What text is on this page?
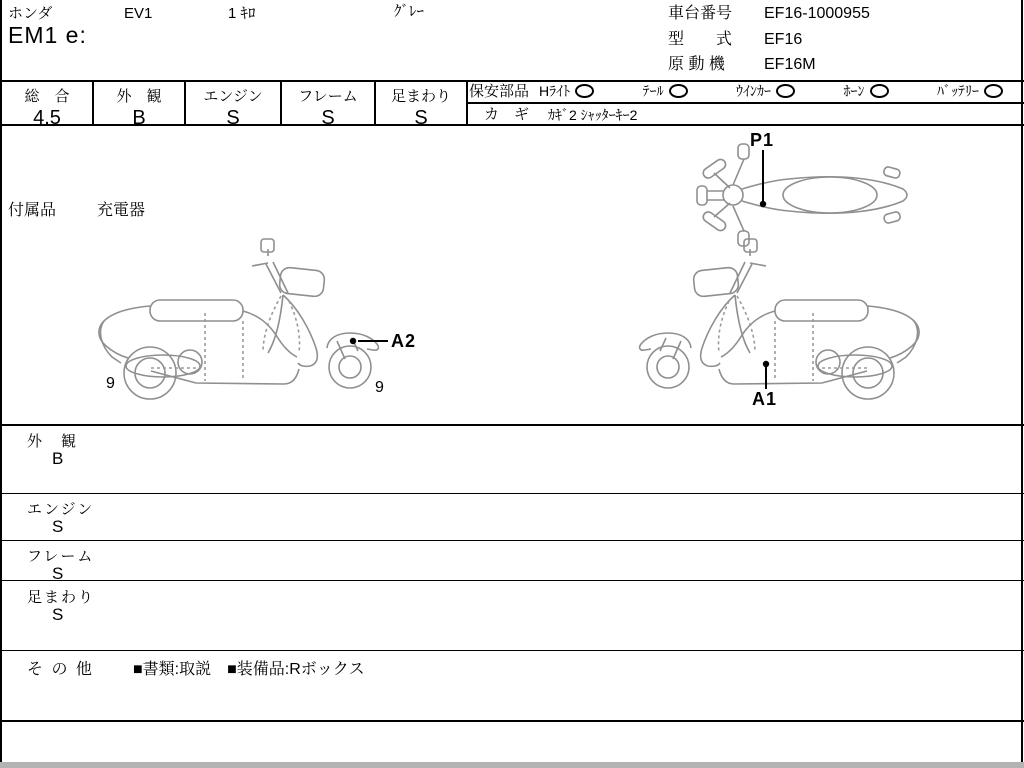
ホンダ	EV1	1 ｷﾛ	ｸﾞﾚｰ
EM1 e:
車台番号 EF16-1000955
型　　式 EF16
原 動 機 EF16M
総　合
4.5
外　観
B
エンジン
S
フレーム
S
足まわり
S
保安部品 Hﾗｲﾄ	ﾃｰﾙ	ｳｲﾝｶｰ	ﾎｰﾝ	ﾊﾞｯﾃﾘｰ
カ　ギ ｶｷﾞ2 ｼｬｯﾀｰｷｰ2
付属品	充電器
P1
A2
A1
9	9
外　観
B
エンジン
S
フレーム
S
足まわり
S
そ の 他 ■書類:取説 ■装備品:Rボックス
